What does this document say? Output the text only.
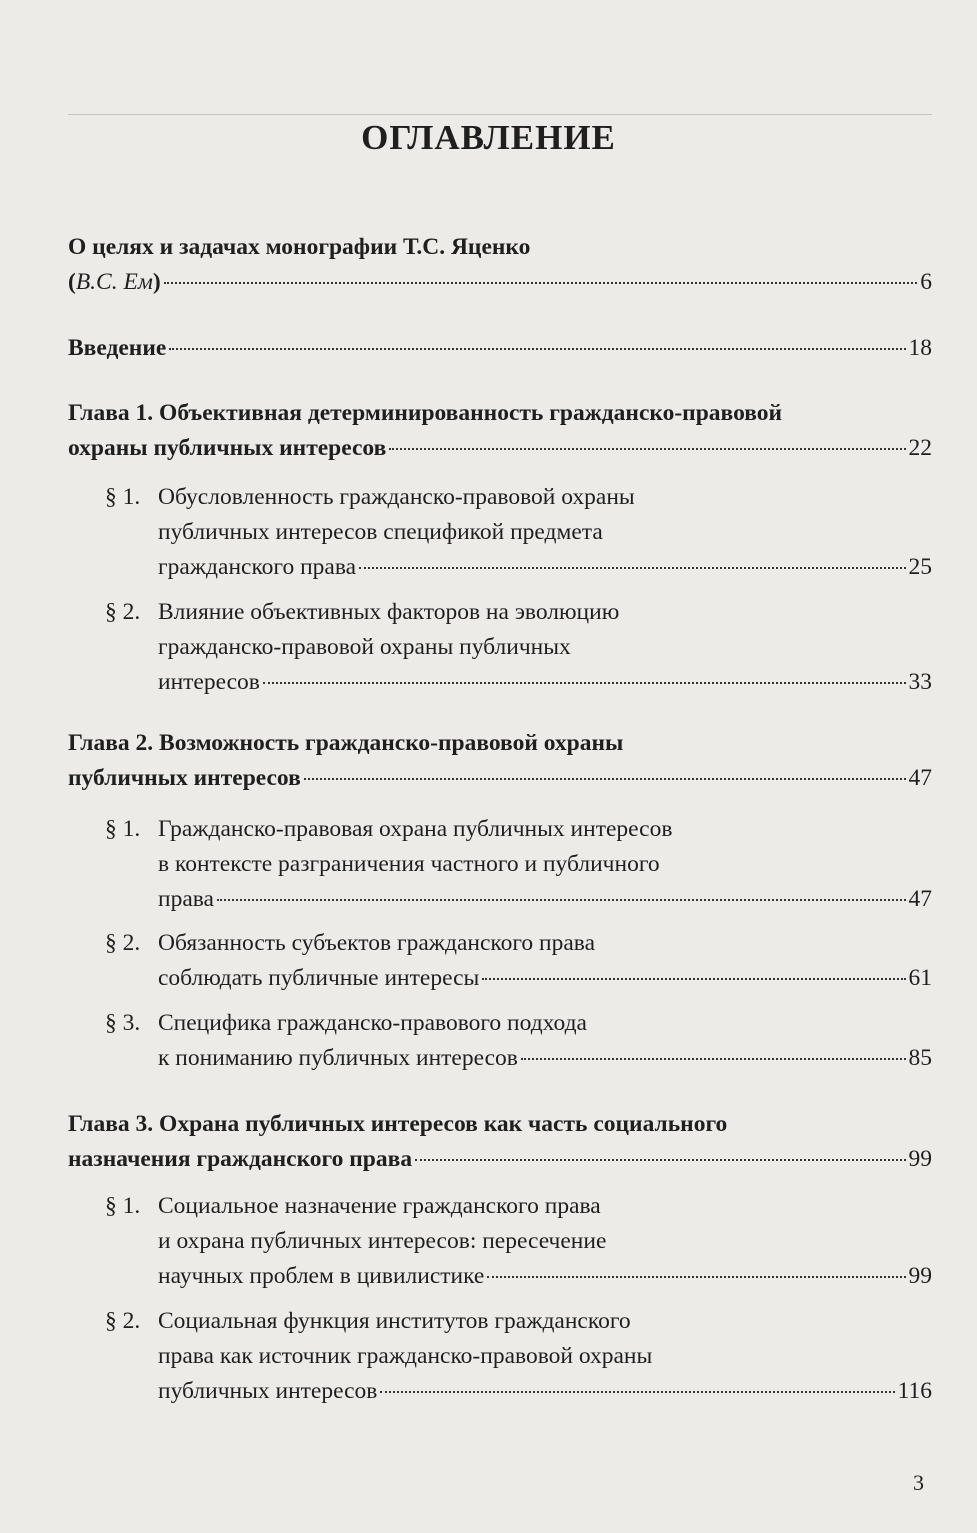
ОГЛАВЛЕНИЕ
О целях и задачах монографии Т.С. Яценко
(В.С. Ем)	6
Введение	18
Глава 1. Объективная детерминированность гражданско-правовой
охраны публичных интересов	22
§ 1. Обусловленность гражданско-правовой охраны
публичных интересов спецификой предмета
гражданского права	25
§ 2. Влияние объективных факторов на эволюцию
гражданско-правовой охраны публичных
интересов	33
Глава 2. Возможность гражданско-правовой охраны
публичных интересов	47
§ 1. Гражданско-правовая охрана публичных интересов
в контексте разграничения частного и публичного
права	47
§ 2. Обязанность субъектов гражданского права
соблюдать публичные интересы	61
§ 3. Специфика гражданско-правового подхода
к пониманию публичных интересов	85
Глава 3. Охрана публичных интересов как часть социального
назначения гражданского права	99
§ 1. Социальное назначение гражданского права
и охрана публичных интересов: пересечение
научных проблем в цивилистике	99
§ 2. Социальная функция институтов гражданского
права как источник гражданско-правовой охраны
публичных интересов	116
3
